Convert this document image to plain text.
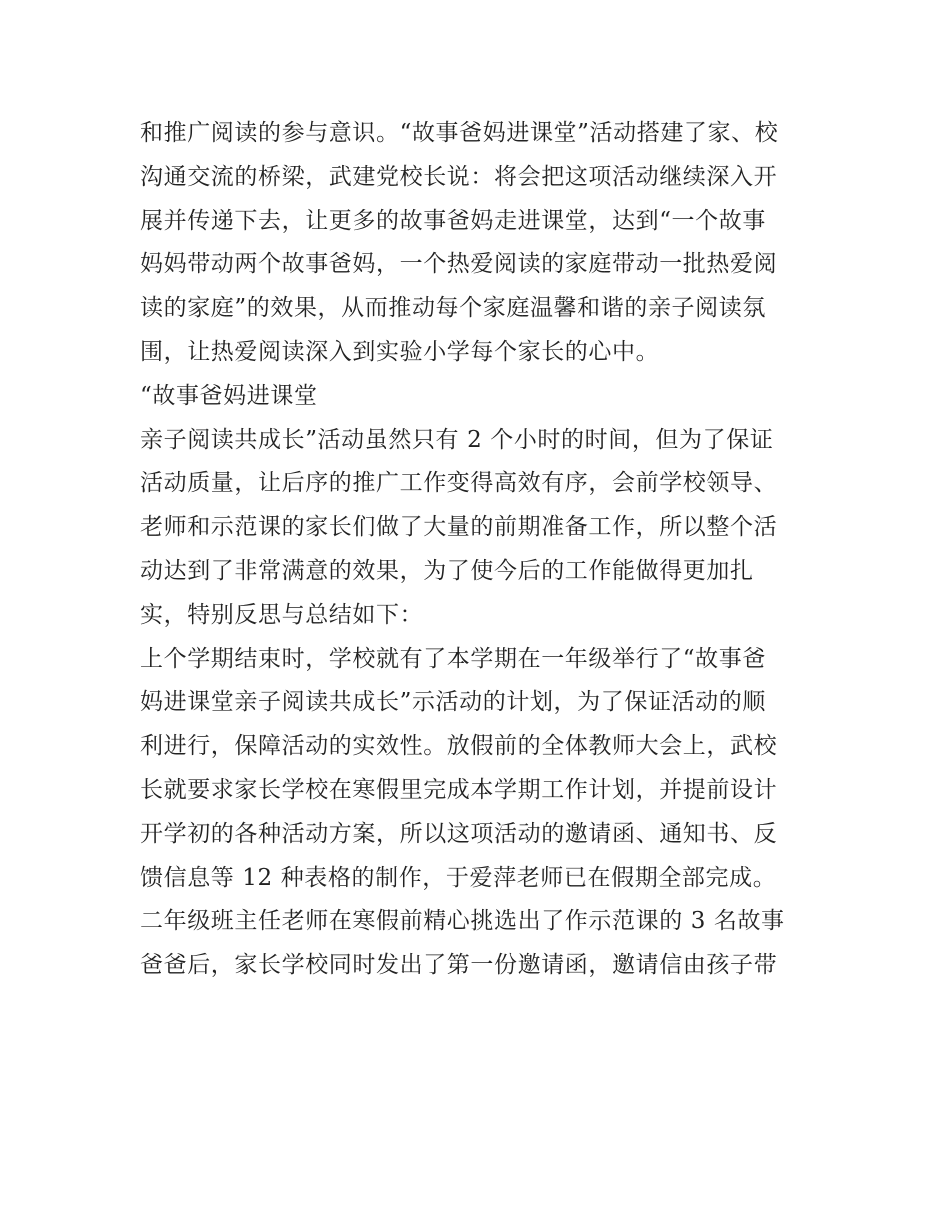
和推广阅读的参与意识。“故事爸妈进课堂”活动搭建了家、校
沟通交流的桥梁，武建党校长说：将会把这项活动继续深入开
展并传递下去，让更多的故事爸妈走进课堂，达到“一个故事
妈妈带动两个故事爸妈，一个热爱阅读的家庭带动一批热爱阅
读的家庭”的效果，从而推动每个家庭温馨和谐的亲子阅读氛
围，让热爱阅读深入到实验小学每个家长的心中。
“故事爸妈进课堂
亲子阅读共成长”活动虽然只有 2 个小时的时间，但为了保证
活动质量，让后序的推广工作变得高效有序，会前学校领导、
老师和示范课的家长们做了大量的前期准备工作，所以整个活
动达到了非常满意的效果，为了使今后的工作能做得更加扎
实，特别反思与总结如下：
上个学期结束时，学校就有了本学期在一年级举行了“故事爸
妈进课堂亲子阅读共成长”示活动的计划，为了保证活动的顺
利进行，保障活动的实效性。放假前的全体教师大会上，武校
长就要求家长学校在寒假里完成本学期工作计划，并提前设计
开学初的各种活动方案，所以这项活动的邀请函、通知书、反
馈信息等 12 种表格的制作，于爱萍老师已在假期全部完成。
二年级班主任老师在寒假前精心挑选出了作示范课的 3 名故事
爸爸后，家长学校同时发出了第一份邀请函，邀请信由孩子带
